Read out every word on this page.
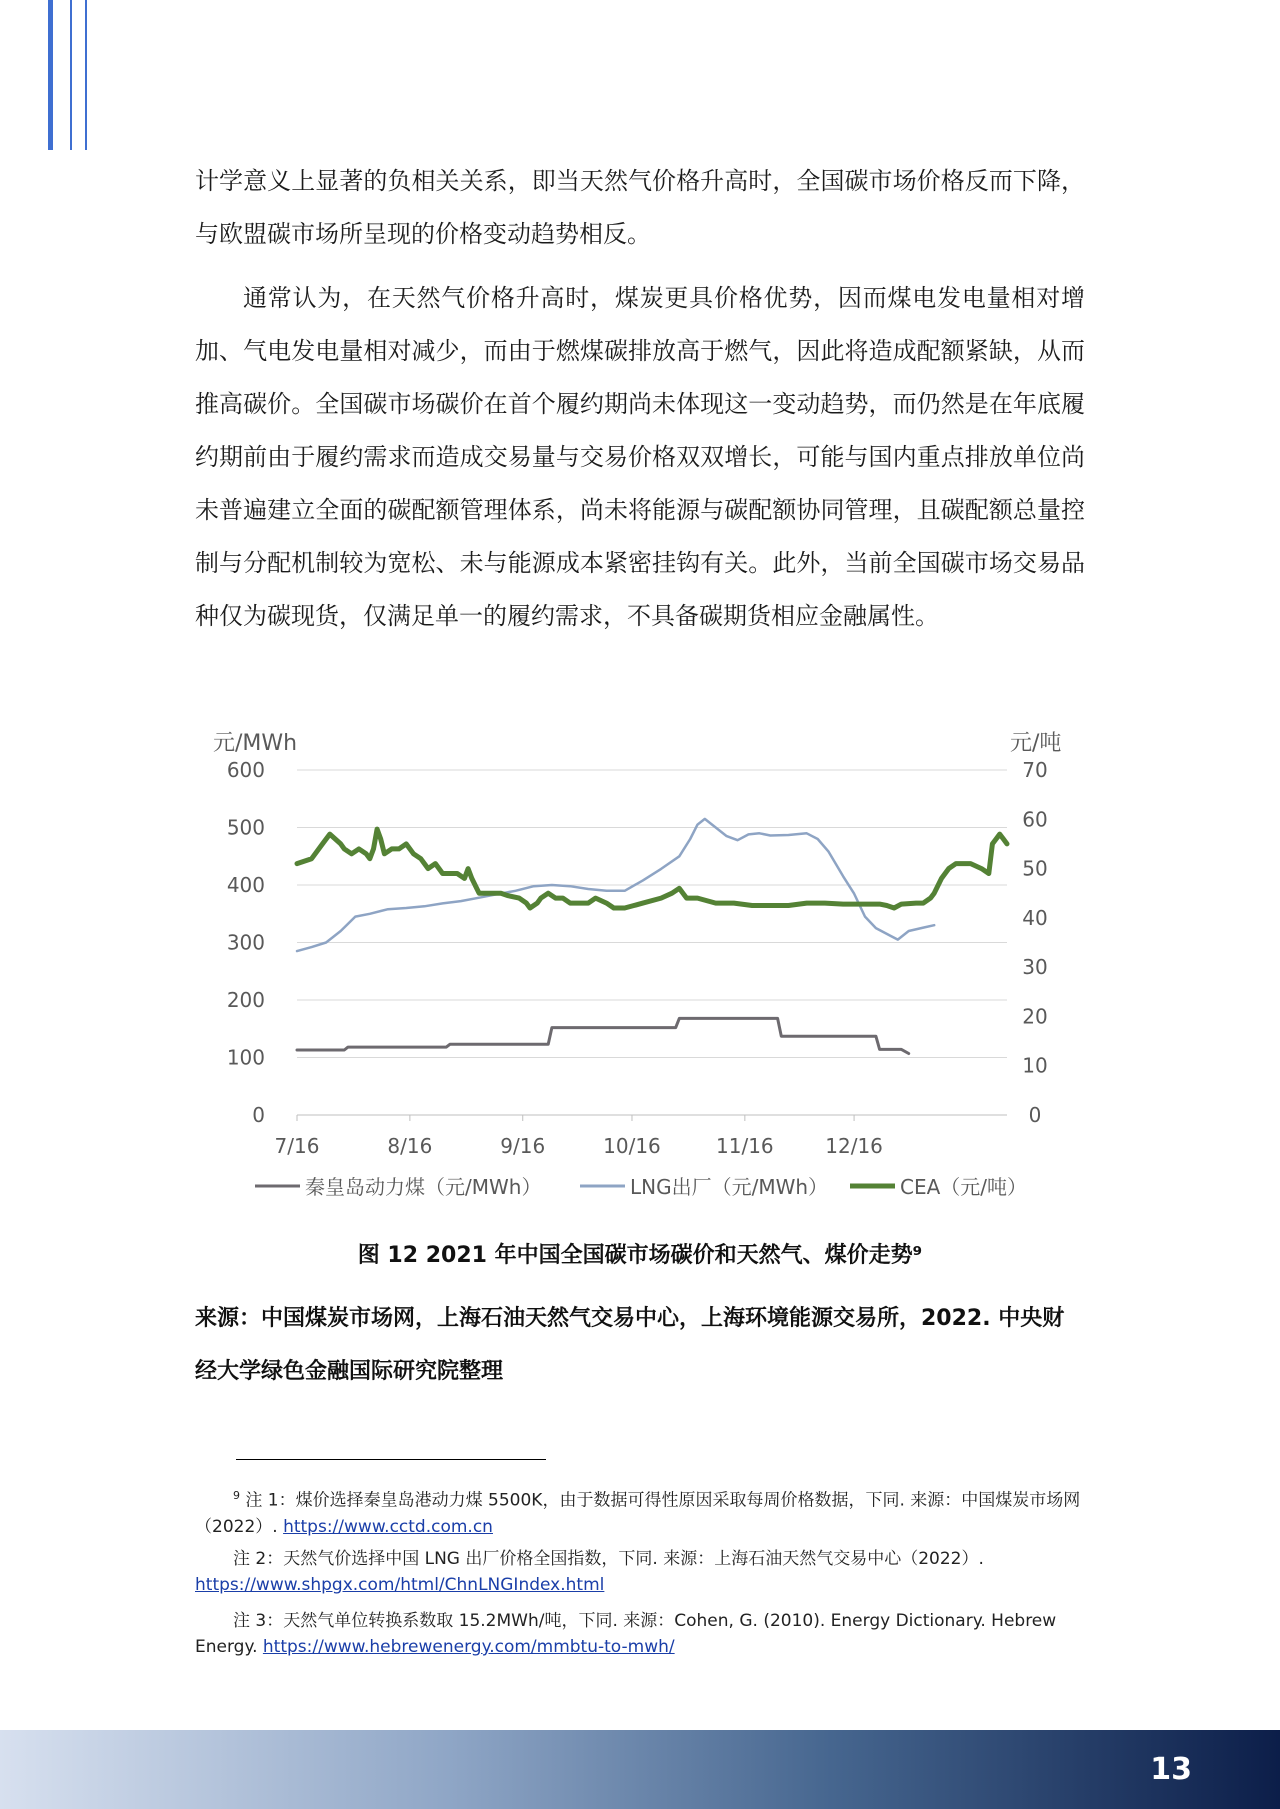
计学意义上显著的负相关关系，即当天然气价格升高时，全国碳市场价格反而下降，与欧盟碳市场所呈现的价格变动趋势相反。

通常认为，在天然气价格升高时，煤炭更具价格优势，因而煤电发电量相对增加、气电发电量相对减少，而由于燃煤碳排放高于燃气，因此将造成配额紧缺，从而推高碳价。全国碳市场碳价在首个履约期尚未体现这一变动趋势，而仍然是在年底履约期前由于履约需求而造成交易量与交易价格双双增长，可能与国内重点排放单位尚未普遍建立全面的碳配额管理体系，尚未将能源与碳配额协同管理，且碳配额总量控制与分配机制较为宽松、未与能源成本紧密挂钩有关。此外，当前全国碳市场交易品种仅为碳现货，仅满足单一的履约需求，不具备碳期货相应金融属性。

0
100
200
300
400
500
600
0
10
20
30
40
50
60
70
7/16	8/16	9/16	10/16	11/16	12/16
元/MWh	元/吨
秦皇岛动力煤（元/MWh）	LNG出厂（元/MWh）	CEA（元/吨）
图 12 2021 年中国全国碳市场碳价和天然气、煤价走势⁹
来源：中国煤炭市场网，上海石油天然气交易中心，上海环境能源交易所，2022. 中央财经大学绿色金融国际研究院整理
$^9$ 注 1：煤价选择秦皇岛港动力煤 5500K，由于数据可得性原因采取每周价格数据，下同. 来源：中国煤炭市场网（2022）. https://www.cctd.com.cn
注 2：天然气价选择中国 LNG 出厂价格全国指数，下同. 来源：上海石油天然气交易中心（2022）. https://www.shpgx.com/html/ChnLNGIndex.html
注 3：天然气单位转换系数取 15.2MWh/吨，下同. 来源：Cohen, G. (2010). Energy Dictionary. Hebrew Energy. https://www.hebrewenergy.com/mmbtu-to-mwh/
13
